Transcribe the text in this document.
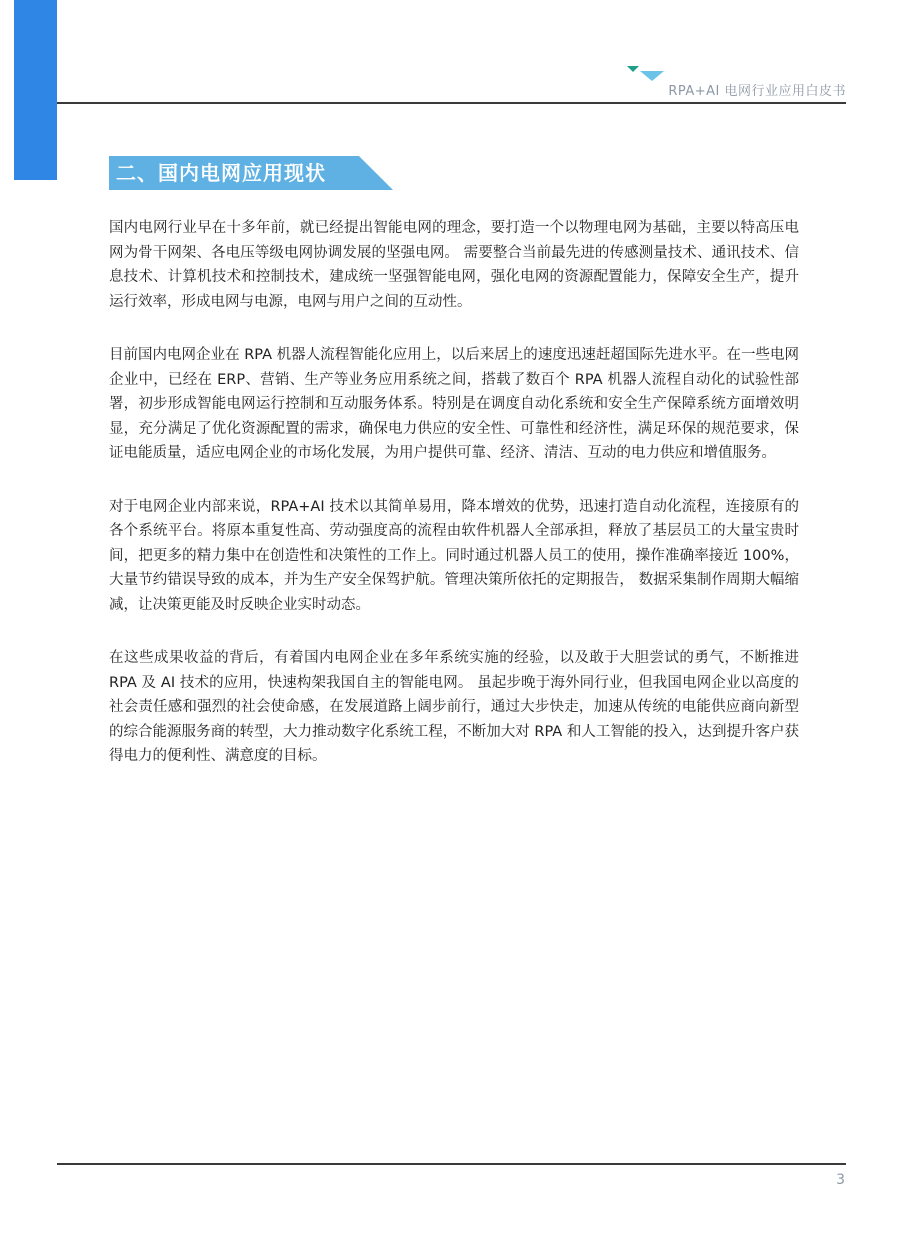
RPA+AI 电网行业应用白皮书
二、国内电网应用现状

国内电网行业早在十多年前，就已经提出智能电网的理念，要打造一个以物理电网为基础，主要以特高压电网为骨干网架、各电压等级电网协调发展的坚强电网。 需要整合当前最先进的传感测量技术、通讯技术、信息技术、计算机技术和控制技术，建成统一坚强智能电网，强化电网的资源配置能力，保障安全生产，提升运行效率，形成电网与电源，电网与用户之间的互动性。

目前国内电网企业在 RPA 机器人流程智能化应用上，以后来居上的速度迅速赶超国际先进水平。在一些电网企业中，已经在 ERP、营销、生产等业务应用系统之间，搭载了数百个 RPA 机器人流程自动化的试验性部署，初步形成智能电网运行控制和互动服务体系。特别是在调度自动化系统和安全生产保障系统方面增效明显，充分满足了优化资源配置的需求，确保电力供应的安全性、可靠性和经济性，满足环保的规范要求，保证电能质量，适应电网企业的市场化发展，为用户提供可靠、经济、清洁、互动的电力供应和增值服务。

对于电网企业内部来说，RPA+AI 技术以其简单易用，降本增效的优势，迅速打造自动化流程，连接原有的各个系统平台。将原本重复性高、劳动强度高的流程由软件机器人全部承担，释放了基层员工的大量宝贵时间，把更多的精力集中在创造性和决策性的工作上。同时通过机器人员工的使用，操作准确率接近 100%， 大量节约错误导致的成本，并为生产安全保驾护航。管理决策所依托的定期报告， 数据采集制作周期大幅缩减，让决策更能及时反映企业实时动态。

在这些成果收益的背后，有着国内电网企业在多年系统实施的经验，以及敢于大胆尝试的勇气，不断推进 RPA 及 AI 技术的应用，快速构架我国自主的智能电网。 虽起步晚于海外同行业，但我国电网企业以高度的社会责任感和强烈的社会使命感，在发展道路上阔步前行，通过大步快走，加速从传统的电能供应商向新型的综合能源服务商的转型，大力推动数字化系统工程，不断加大对 RPA 和人工智能的投入，达到提升客户获得电力的便利性、满意度的目标。

3
